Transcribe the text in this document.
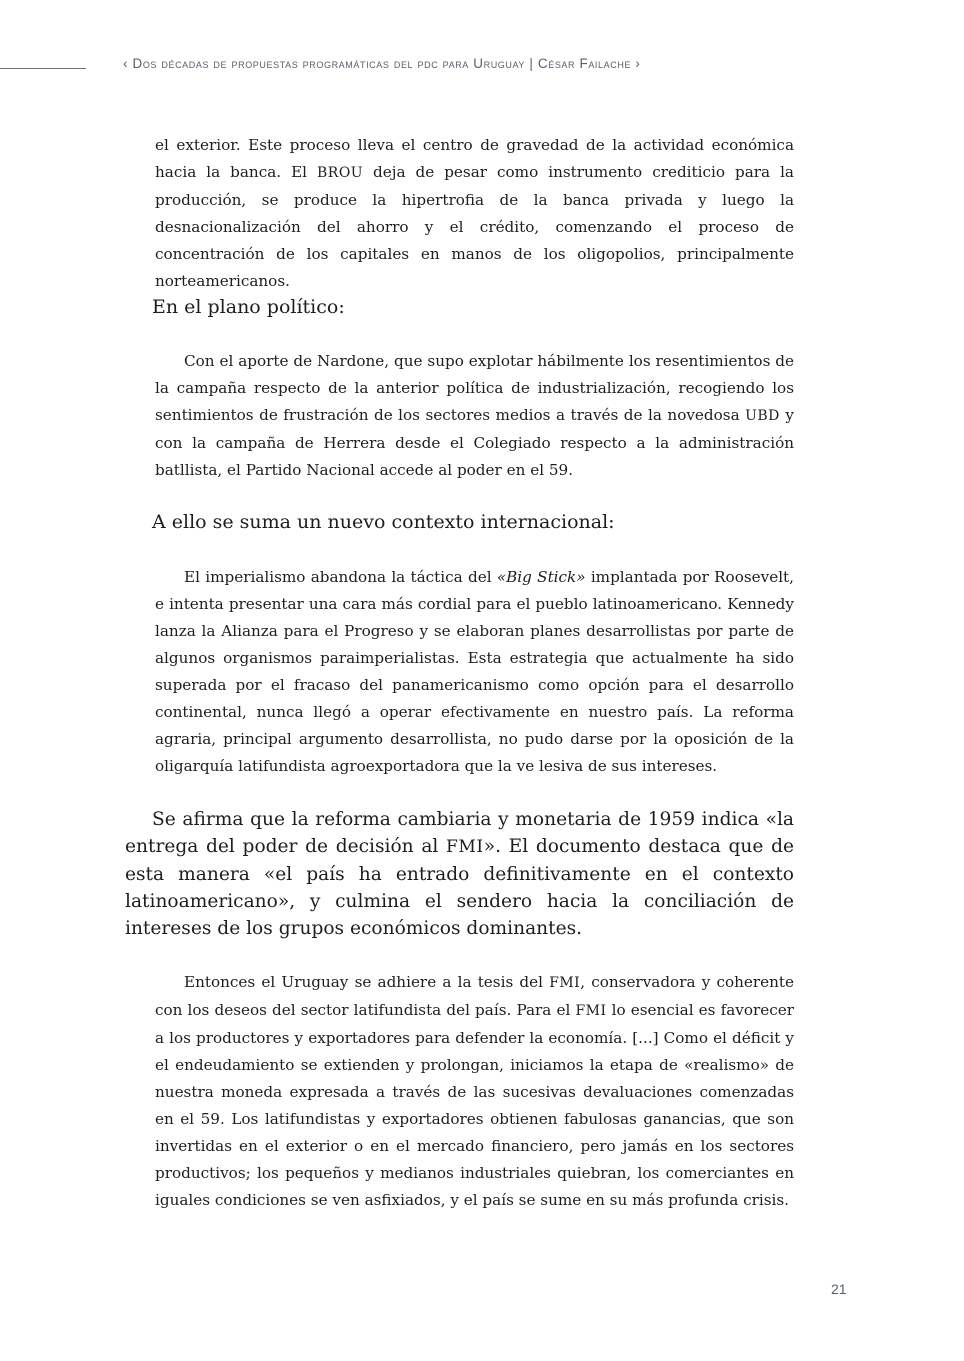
‹ Dos décadas de propuestas programáticas del pdc para Uruguay | César Failache ›

el exterior. Este proceso lleva el centro de gravedad de la actividad económica hacia la banca. El BROU deja de pesar como instrumento crediticio para la producción, se produce la hipertrofia de la banca privada y luego la desnacionalización del ahorro y el crédito, comenzando el proceso de concentración de los capitales en manos de los oligopolios, principalmente norteamericanos.

En el plano político:

Con el aporte de Nardone, que supo explotar hábilmente los resentimientos de la campaña respecto de la anterior política de industrialización, recogiendo los sentimientos de frustración de los sectores medios a través de la novedosa UBD y con la campaña de Herrera desde el Colegiado respecto a la administración batllista, el Partido Nacional accede al poder en el 59.

A ello se suma un nuevo contexto internacional:

El imperialismo abandona la táctica del «Big Stick» implantada por Roosevelt, e intenta presentar una cara más cordial para el pueblo latinoamericano. Kennedy lanza la Alianza para el Progreso y se elaboran planes desarrollistas por parte de algunos organismos paraimperialistas. Esta estrategia que actualmente ha sido superada por el fracaso del panamericanismo como opción para el desarrollo continental, nunca llegó a operar efectivamente en nuestro país. La reforma agraria, principal argumento desarrollista, no pudo darse por la oposición de la oligarquía latifundista agroexportadora que la ve lesiva de sus intereses.

Se afirma que la reforma cambiaria y monetaria de 1959 indica «la entrega del poder de decisión al FMI». El documento destaca que de esta manera «el país ha entrado definitivamente en el contexto latinoamericano», y culmina el sendero hacia la conciliación de intereses de los grupos económicos dominantes.

Entonces el Uruguay se adhiere a la tesis del FMI, conservadora y coherente con los deseos del sector latifundista del país. Para el FMI lo esencial es favorecer a los productores y exportadores para defender la economía. [...] Como el déficit y el endeudamiento se extienden y prolongan, iniciamos la etapa de «realismo» de nuestra moneda expresada a través de las sucesivas devaluaciones comenzadas en el 59. Los latifundistas y exportadores obtienen fabulosas ganancias, que son invertidas en el exterior o en el mercado financiero, pero jamás en los sectores productivos; los pequeños y medianos industriales quiebran, los comerciantes en iguales condiciones se ven asfixiados, y el país se sume en su más profunda crisis.

21
